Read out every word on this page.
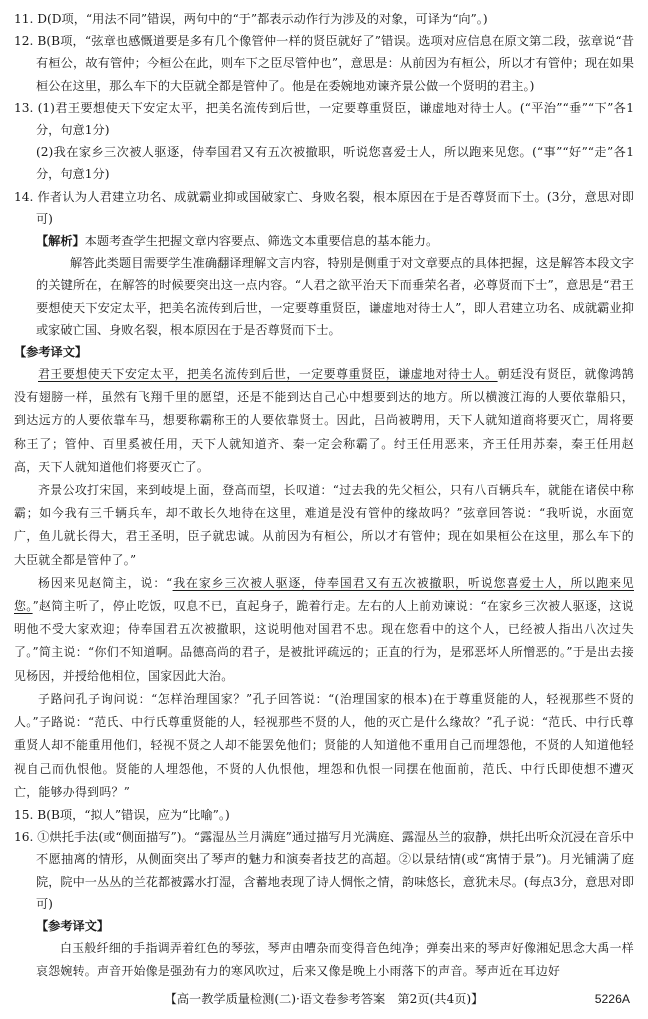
11. D(D项，“用法不同”错误，两句中的“于”都表示动作行为涉及的对象，可译为“向”。)

12. B(B项，“弦章也感慨道要是多有几个像管仲一样的贤臣就好了”错误。选项对应信息在原文第二段，弦章说“昔有桓公，故有管仲；今桓公在此，则车下之臣尽管仲也”，意思是：从前因为有桓公，所以才有管仲；现在如果桓公在这里，那么车下的大臣就全都是管仲了。他是在委婉地劝谏齐景公做一个贤明的君主。)

13. (1)君王要想使天下安定太平，把美名流传到后世，一定要尊重贤臣，谦虚地对待士人。(“平治”“垂”“下”各1分，句意1分)

(2)我在家乡三次被人驱逐，侍奉国君又有五次被撤职，听说您喜爱士人，所以跑来见您。(“事”“好”“走”各1分，句意1分)

14. 作者认为人君建立功名、成就霸业抑或国破家亡、身败名裂，根本原因在于是否尊贤而下士。(3分，意思对即可)

【解析】本题考查学生把握文章内容要点、筛选文本重要信息的基本能力。

解答此类题目需要学生准确翻译理解文言内容，特别是侧重于对文章要点的具体把握，这是解答本段文字的关键所在，在解答的时候要突出这一点内容。“人君之欲平治天下而垂荣名者，必尊贤而下士”，意思是“君王要想使天下安定太平，把美名流传到后世，一定要尊重贤臣，谦虚地对待士人”，即人君建立功名、成就霸业抑或家破亡国、身败名裂，根本原因在于是否尊贤而下士。

【参考译文】

君王要想使天下安定太平，把美名流传到后世，一定要尊重贤臣，谦虚地对待士人。朝廷没有贤臣，就像鸿鹄没有翅膀一样，虽然有飞翔千里的愿望，还是不能到达自己心中想要到达的地方。所以横渡江海的人要依靠船只，到达远方的人要依靠车马，想要称霸称王的人要依靠贤士。因此，吕尚被聘用，天下人就知道商将要灭亡，周将要称王了；管仲、百里奚被任用，天下人就知道齐、秦一定会称霸了。纣王任用恶来，齐王任用苏秦，秦王任用赵高，天下人就知道他们将要灭亡了。

齐景公攻打宋国，来到岐堤上面，登高而望，长叹道：“过去我的先父桓公，只有八百辆兵车，就能在诸侯中称霸；如今我有三千辆兵车，却不敢长久地待在这里，难道是没有管仲的缘故吗？”弦章回答说：“我听说，水面宽广，鱼儿就长得大，君王圣明，臣子就忠诚。从前因为有桓公，所以才有管仲；现在如果桓公在这里，那么车下的大臣就全都是管仲了。”

杨因来见赵简主，说：“我在家乡三次被人驱逐，侍奉国君又有五次被撤职，听说您喜爱士人，所以跑来见您。”赵简主听了，停止吃饭，叹息不已，直起身子，跪着行走。左右的人上前劝谏说：“在家乡三次被人驱逐，这说明他不受大家欢迎；侍奉国君五次被撤职，这说明他对国君不忠。现在您看中的这个人，已经被人指出八次过失了。”简主说：“你们不知道啊。品德高尚的君子，是被批评疏远的；正直的行为，是邪恶坏人所憎恶的。”于是出去接见杨因，并授给他相位，国家因此大治。

子路问孔子询问说：“怎样治理国家？”孔子回答说：“(治理国家的根本)在于尊重贤能的人，轻视那些不贤的人。”子路说：“范氏、中行氏尊重贤能的人，轻视那些不贤的人，他的灭亡是什么缘故？”孔子说：“范氏、中行氏尊重贤人却不能重用他们，轻视不贤之人却不能罢免他们；贤能的人知道他不重用自己而埋怨他，不贤的人知道他轻视自己而仇恨他。贤能的人埋怨他，不贤的人仇恨他，埋怨和仇恨一同摆在他面前，范氏、中行氏即使想不遭灭亡，能够办得到吗？”

15. B(B项，“拟人”错误，应为“比喻”。)

16. ①烘托手法(或“侧面描写”)。“露湿丛兰月满庭”通过描写月光满庭、露湿丛兰的寂静，烘托出听众沉浸在音乐中不愿抽离的情形，从侧面突出了琴声的魅力和演奏者技艺的高超。②以景结情(或“寓情于景”)。月光铺满了庭院，院中一丛丛的兰花都被露水打湿，含蓄地表现了诗人惆怅之情，韵味悠长，意犹未尽。(每点3分，意思对即可)

【参考译文】

白玉般纤细的手指调弄着红色的琴弦，琴声由嘈杂而变得音色纯净；弹奏出来的琴声好像湘妃思念大禹一样哀怨婉转。声音开始像是强劲有力的寒风吹过，后来又像是晚上小雨落下的声音。琴声近在耳边好

【高一教学质量检测(二)·语文卷参考答案　第2页(共4页)】	5226A
